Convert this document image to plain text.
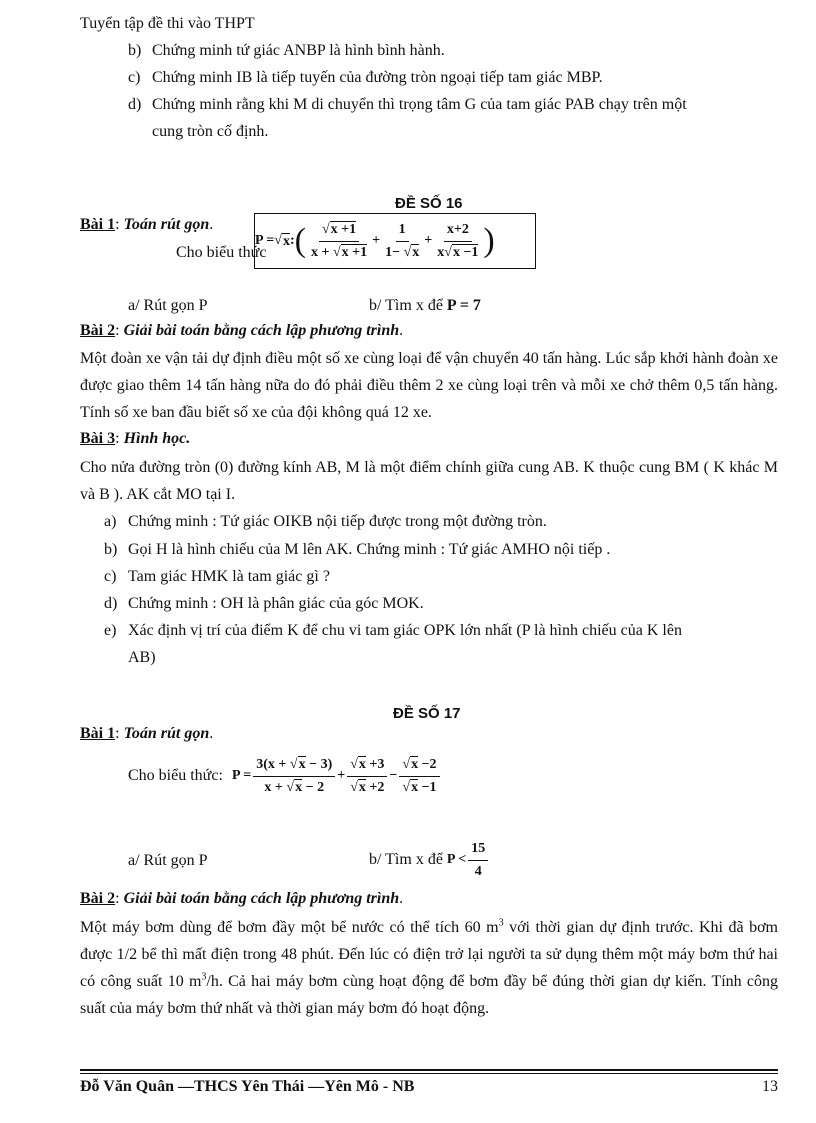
Tuyển tập đề thi vào THPT
b) Chứng minh tứ giác ANBP là hình bình hành.
c) Chứng minh IB là tiếp tuyến của đường tròn ngoại tiếp tam giác MBP.
d) Chứng minh rằng khi M di chuyển thì trọng tâm G của tam giác PAB chạy trên một
cung tròn cố định.
ĐỀ SỐ 16
Bài 1: Toán rút gọn.
Cho biểu thức
P = √ x : ( $\frac{√x +1}{x + √x +1} + \frac{1}{1- √x} + \frac{x+2}{x√x -1}$ )
a/ Rút gọn P	b/ Tìm x để P = 7
Bài 2: Giải bài toán bằng cách lập phương trình.
Một đoàn xe vận tải dự định điều một số xe cùng loại để vận chuyển 40 tấn hàng. Lúc sắp khởi hành đoàn xe được giao thêm 14 tấn hàng nữa do đó phải điều thêm 2 xe cùng loại trên và mỗi xe chở thêm 0,5 tấn hàng. Tính số xe ban đầu biết số xe của đội không quá 12 xe.
Bài 3: Hình học.
Cho nửa đường tròn (0) đường kính AB, M là một điểm chính giữa cung AB. K thuộc cung BM ( K khác M và B ). AK cắt MO tại I.
a) Chứng minh : Tứ giác OIKB nội tiếp được trong một đường tròn.
b) Gọi H là hình chiếu của M lên AK. Chứng minh : Tứ giác AMHO nội tiếp .
c) Tam giác HMK là tam giác gì ?
d) Chứng minh : OH là phân giác của góc MOK.
e) Xác định vị trí của điểm K để chu vi tam giác OPK lớn nhất (P là hình chiếu của K lên
AB)
ĐỀ SỐ 17
Bài 1: Toán rút gọn.
Cho biểu thức: $P = \frac{3(x + √x - 3)}{x + √x - 2} + \frac{√x +3}{√x +2} - \frac{√x -2}{√x -1}$
a/ Rút gọn P	b/ Tìm x để
$P < \frac{15}{4}$
Bài 2: Giải bài toán bằng cách lập phương trình.
Một máy bơm dùng để bơm đầy một bể nước có thể tích 60 $m^3$ với thời gian dự định trước. Khi đã bơm được 1/2 bể thì mất điện trong 48 phút. Đến lúc có điện trở lại người ta sử dụng thêm một máy bơm thứ hai có công suất 10 $m^3/h$. Cả hai máy bơm cùng hoạt động để bơm đầy bể đúng thời gian dự kiến. Tính công suất của máy bơm thứ nhất và thời gian máy bơm đó hoạt động.
Đỗ Văn Quân —THCS Yên Thái —Yên Mô - NB	13
